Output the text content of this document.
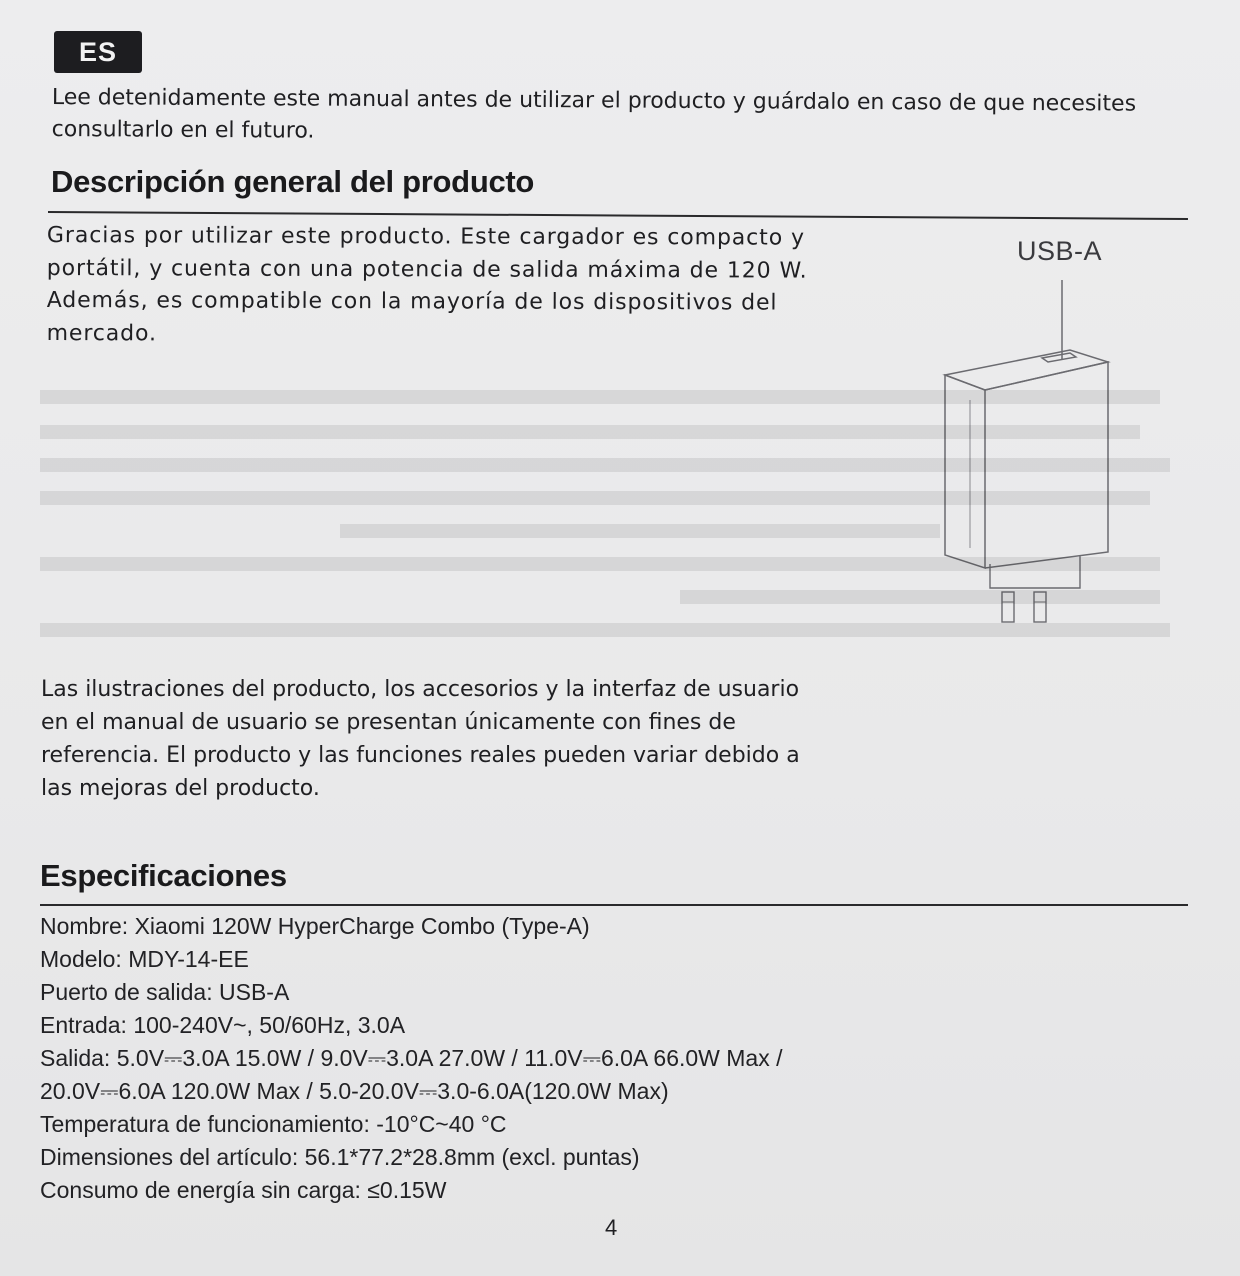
ES

Lee detenidamente este manual antes de utilizar el producto y guárdalo en caso de que necesites

consultarlo en el futuro.

Descripción general del producto

Gracias por utilizar este producto. Este cargador es compacto y

portátil, y cuenta con una potencia de salida máxima de 120 W.

Además, es compatible con la mayoría de los dispositivos del

mercado.

USB-A

Las ilustraciones del producto, los accesorios y la interfaz de usuario

en el manual de usuario se presentan únicamente con fines de

referencia. El producto y las funciones reales pueden variar debido a

las mejoras del producto.

Especificaciones
Nombre: Xiaomi 120W HyperCharge Combo (Type-A)
Modelo: MDY-14-EE
Puerto de salida: USB-A
Entrada: 100-240V~, 50/60Hz, 3.0A
Salida: 5.0V⎓3.0A 15.0W / 9.0V⎓3.0A 27.0W / 11.0V⎓6.0A 66.0W Max /
20.0V⎓6.0A 120.0W Max / 5.0-20.0V⎓3.0-6.0A(120.0W Max)
Temperatura de funcionamiento: -10°C~40 °C
Dimensiones del artículo: 56.1*77.2*28.8mm (excl. puntas)
Consumo de energía sin carga: ≤0.15W
4
